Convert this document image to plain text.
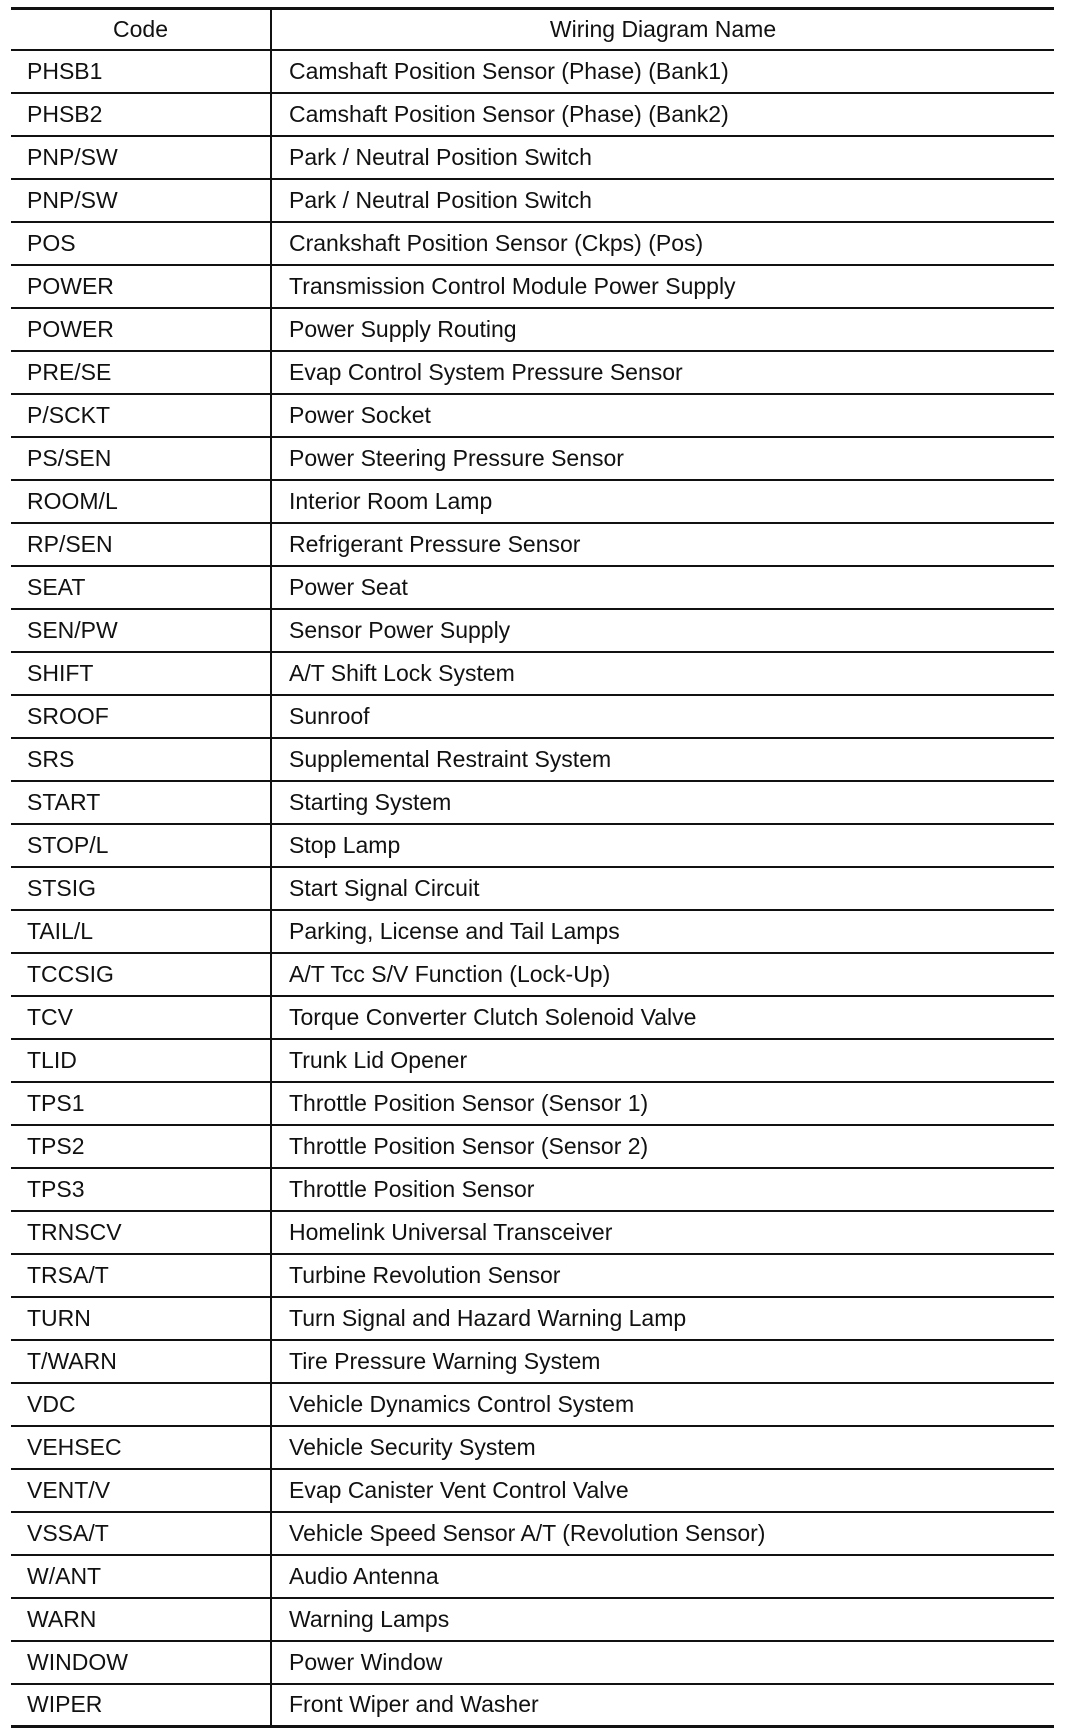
Code	Wiring Diagram Name
PHSB1	Camshaft Position Sensor (Phase) (Bank1)
PHSB2	Camshaft Position Sensor (Phase) (Bank2)
PNP/SW	Park / Neutral Position Switch
PNP/SW	Park / Neutral Position Switch
POS	Crankshaft Position Sensor (Ckps) (Pos)
POWER	Transmission Control Module Power Supply
POWER	Power Supply Routing
PRE/SE	Evap Control System Pressure Sensor
P/SCKT	Power Socket
PS/SEN	Power Steering Pressure Sensor
ROOM/L	Interior Room Lamp
RP/SEN	Refrigerant Pressure Sensor
SEAT	Power Seat
SEN/PW	Sensor Power Supply
SHIFT	A/T Shift Lock System
SROOF	Sunroof
SRS	Supplemental Restraint System
START	Starting System
STOP/L	Stop Lamp
STSIG	Start Signal Circuit
TAIL/L	Parking, License and Tail Lamps
TCCSIG	A/T Tcc S/V Function (Lock-Up)
TCV	Torque Converter Clutch Solenoid Valve
TLID	Trunk Lid Opener
TPS1	Throttle Position Sensor (Sensor 1)
TPS2	Throttle Position Sensor (Sensor 2)
TPS3	Throttle Position Sensor
TRNSCV	Homelink Universal Transceiver
TRSA/T	Turbine Revolution Sensor
TURN	Turn Signal and Hazard Warning Lamp
T/WARN	Tire Pressure Warning System
VDC	Vehicle Dynamics Control System
VEHSEC	Vehicle Security System
VENT/V	Evap Canister Vent Control Valve
VSSA/T	Vehicle Speed Sensor A/T (Revolution Sensor)
W/ANT	Audio Antenna
WARN	Warning Lamps
WINDOW	Power Window
WIPER	Front Wiper and Washer
